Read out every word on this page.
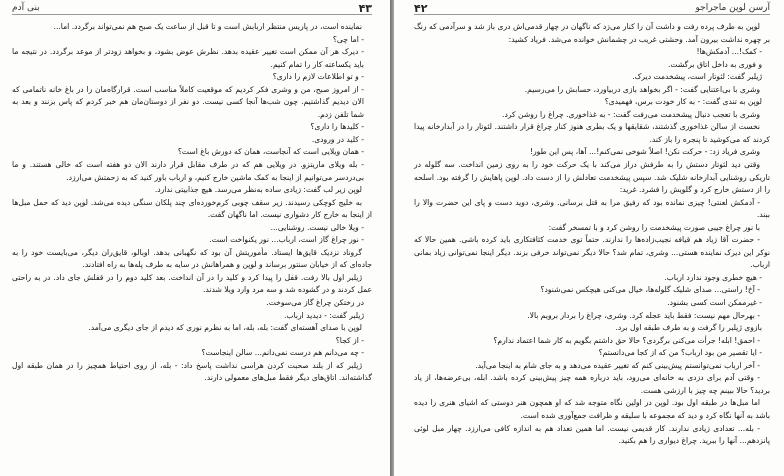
۴۳
بنی آدم

نماینده است، در پاریس منتظر اربابش است و تا قبل از ساعت یک صبح هم نمی‌تواند برگردد. اما...

- اما چی؟

- دیرک هر آن ممکن است تغییر عقیده بدهد. نظرش عوض بشود، و بخواهد زودتر از موعد برگردد. در نتیجه ما باید یکساعته کار را تمام کنیم.

- و تو اطلاعات لازم را داری؟

- از امروز صبح، من و وشری فکر کردیم که موقعیت کاملاً مناسب است. قرارگاه‌مان را در باغ خانه ناتمامی که الان دیدیم گذاشتیم. چون شب‌ها آنجا کسی نیست. دو نفر از دوستان‌مان هم خبر کردم که پاس بزنند و بعد به شما تلفن زدم.

- کلیدها را داری؟

- کلید در ورودی.

- همان ویلایی است که آنجاست، همان که دورش باغ است؟

- بله ویلای ماریتزو. در ویلایی هم که در طرف مقابل قرار دارند الان دو هفته است که خالی هستند. و ما بی‌دردسر می‌توانیم از اینجا به کمک ماشین خارج کنیم، و ارباب باور کنید که به زحمتش می‌ارزد.

لوپن زیر لب گفت: زیادی ساده به‌نظر می‌رسد. هیچ جذابیتی ندارد.

به خلیج کوچکی رسیدند. زیر سقف چوبی کرم‌خورده‌ای چند پلکان سنگی دیده می‌شد. لوپن دید که حمل مبل‌ها از اینجا به خارج کار دشواری نیست. اما ناگهان گفت.

- ویلا خالی نیست. روشنایی...

- نور چراغ گاز است، ارباب... نور یکنواخت است.

گروناد نزدیک قایق‌ها ایستاد. مأموریتش آن بود که نگهبانی بدهد. اوبالو، قایق‌ران دیگر، می‌بایست خود را به جاده‌ای که از خیابان سنتور برساند و لوپن و همراهانش در سایه به طرف پله‌ها به راه افتادند.

ژیلبر اول بالا رفت. قفل را پیدا کرد و کلید را در آن انداخت. بعد کلید دوم را در قفلش جای داد. در به راحتی عمل کردند و در گشوده شد و سه مرد وارد ویلا شدند.

در رختکن چراغ گاز می‌سوخت.

ژیلبر گفت: - دیدید ارباب.

لوپن با صدای آهسته‌ای گفت: بله، بله، اما به نظرم نوری که دیدم از جای دیگری می‌آمد.

- از کجا؟

- چه می‌دانم هم درست نمی‌دانم... سالن اینجاست؟

ژیلبر که از بلند صحبت کردن هراسی نداشت پاسخ داد: - بله، از روی احتیاط همچیز را در همان طبقه اول گذاشته‌اند. اتاق‌های دیگر فقط مبل‌های معمولی دارند.

آرسن لوپن ماجراجو
۴۲

لوپن به طرف پرده رفت و داشت آن را کنار می‌زد که ناگهان در چهار قدمی‌اش دری باز شد و سرآدمی که رنگ بر چهره نداشت بیرون آمد. وحشتی غریب در چشمانش خوانده می‌شد. فریاد کشید:

- کمک!... آدمکش‌ها!

و فوری به داخل اتاق برگشت.

ژیلبر گفت: لئوتار است، پیشخدمت دیرک.

وشری با بی‌اعتنایی گفت: - اگر بخواهد بازی دربیاورد، حسابش را می‌رسیم.

لوپن به تندی گفت: - به کار خودت برس، فهمیدی؟

وشری با تعجب دنبال پیشخدمت می‌رفت گفت: - به غذاخوری. چراغ را روشن کرد.

نخست از سالن غذاخوری گذشتند، شقایقها و یک بطری هنوز کنار چراغ قرار داشتند. لئوتار را در آبدارخانه پیدا کردند که می‌کوشید تا پنجره را باز کند.

وشری فریاد زد: - حرکت نکن! اصلاً شوخی نمی‌کنم!... آها، پس این طور!

وقتی دید لئوتار دستش را به طرفش دراز می‌کند با یک حرکت خود را به روی زمین انداخت. سه گلوله در تاریکی روشنایی آبدارخانه شلیک شد. سپس پیشخدمت تعادلش را از دست داد. لوپن پاهایش را گرفته بود. اسلحه را از دستش خارج کرد و گلویش را فشرد. غرید:

- آدمکش لعنتی! چیزی نمانده بود که رفیق مرا به قتل برسانی. وشری، دوید دست و پای این حضرت والا را ببند.

با نور چراغ جیبی صورت پیشخدمت را روشن کرد و با تمسخر گفت:

- حضرت آقا زیاد هم قیافه نجیب‌زاده‌ها را ندارند. حتماً توی خدمت کثافتکاری باید کرده باشی. همین حالا که نوکر این دیرک نماینده هستی... وشری، تمام شد؟ حالا دیگر نمی‌تواند حرفی بزند. دیگر اینجا نمی‌توانی زیاد بمانی ارباب.

- هیچ خطری وجود ندارد ارباب.

- آخ! راستی... صدای شلیک گلوله‌ها، خیال می‌کنی هیچکس نمی‌شنود؟

- غیرممکن است کسی بشنود.

- بهرحال مهم نیست: فقط باید عجله کرد. وشری، چراغ را بردار برویم بالا.

بازوی ژیلبر را گرفت و به طرف طبقه اول برد.

- احمق! ابله! جرأت می‌کنی برگردی؟ حالا حق داشتم بگویم به کار شما اعتماد ندارم؟

- ایا تقصیر من بود ارباب؟ من که از کجا می‌دانستم؟

- آخر ارباب نمی‌توانستم پیش‌بینی کنم که تغییر عقیده می‌دهد و به جای شام به اینجا می‌آید.

- وقتی آدم برای دزدی به خانه‌ای می‌رود، باید درباره همه چیز پیش‌بینی کرده باشد. ابله، بی‌عرضه‌ها، از یاد بردید؟ حالا ببینم چه چیز با ارزشی هست.

اما مبل‌ها در طبقه اول بود. لوپن در اولین نگاه متوجه شد که او همچون هنر دوستی که اشیای هنری را دیده باشد به آنها نگاه کرد و دید که مجموعه با سلیقه و ظرافت جمع‌آوری شده است.

- بله... تعدادی زیادی ندارند. کار قدیمی نیست. اما همین تعداد هم به اندازه کافی می‌ارزد. چهار مبل لوئی پانزدهم... آنها را ببرید. چراغ دیواری را هم بکنید.
